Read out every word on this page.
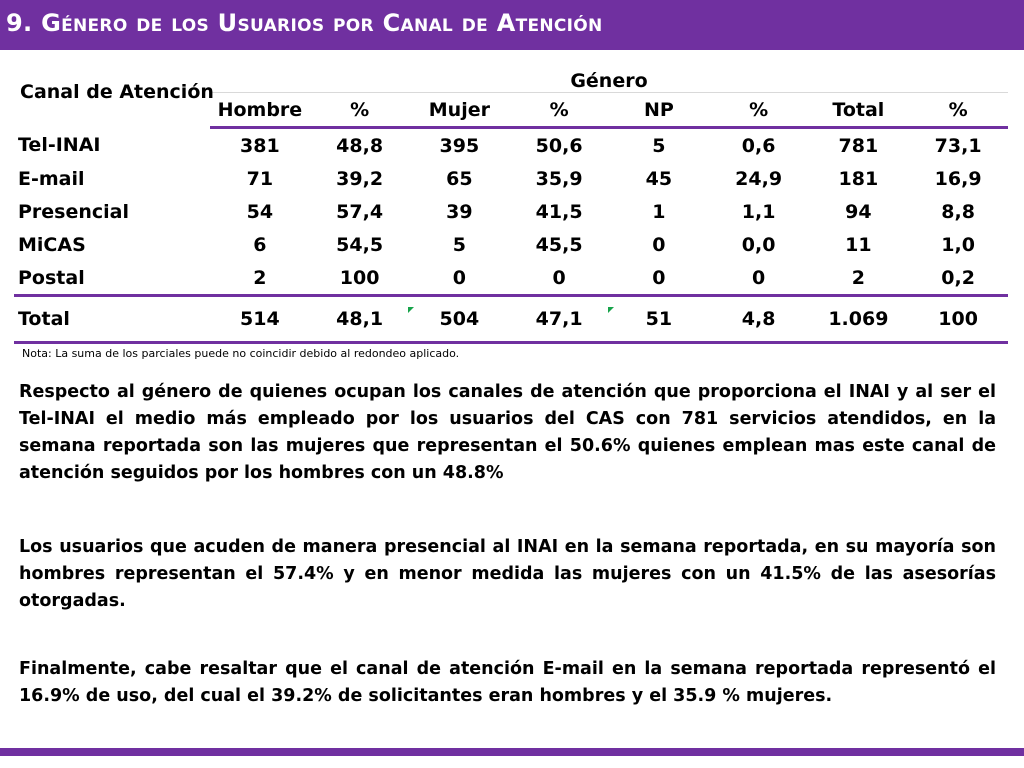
9. Género de los Usuarios por Canal de Atención
Canal de Atención	Género							
	Hombre	%	Mujer	%	NP	%	Total	%
Tel-INAI	381	48,8	395	50,6	5	0,6	781	73,1
E-mail	71	39,2	65	35,9	45	24,9	181	16,9
Presencial	54	57,4	39	41,5	1	1,1	94	8,8
MiCAS	6	54,5	5	45,5	0	0,0	11	1,0
Postal	2	100	0	0	0	0	2	0,2
Total	514	48,1	504	47,1	51	4,8	1.069	100
Nota: La suma de los parciales puede no coincidir debido al redondeo aplicado.

Respecto al género de quienes ocupan los canales de atención que proporciona el INAI y al ser el Tel-INAI el medio más empleado por los usuarios del CAS con 781 servicios atendidos, en la semana reportada son las mujeres que representan el 50.6% quienes emplean mas este canal de atención seguidos por los hombres con un 48.8%

Los usuarios que acuden de manera presencial al INAI en la semana reportada, en su mayoría son hombres representan el 57.4% y en menor medida las mujeres con un 41.5% de las asesorías otorgadas.

Finalmente, cabe resaltar que el canal de atención E-mail en la semana reportada representó el 16.9% de uso, del cual el 39.2% de solicitantes eran hombres y el 35.9 % mujeres.
